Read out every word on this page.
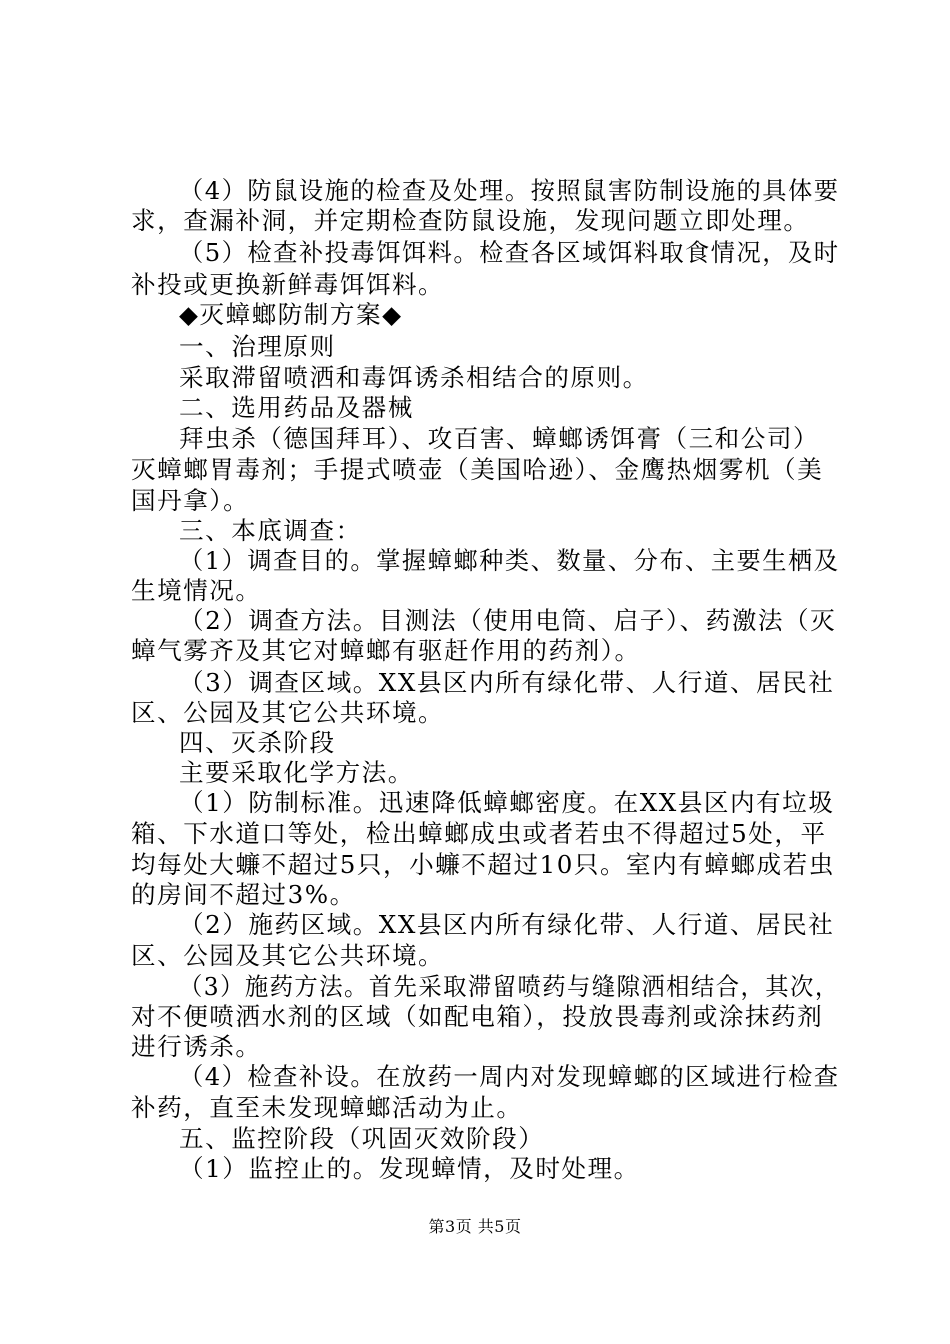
（4）防鼠设施的检查及处理。按照鼠害防制设施的具体要
求，查漏补洞，并定期检查防鼠设施，发现问题立即处理。
（5）检查补投毒饵饵料。检查各区域饵料取食情况，及时
补投或更换新鲜毒饵饵料。
◆灭蟑螂防制方案◆
一、治理原则
采取滞留喷洒和毒饵诱杀相结合的原则。
二、选用药品及器械
拜虫杀（德国拜耳）、攻百害、蟑螂诱饵膏（三和公司）
灭蟑螂胃毒剂；手提式喷壶（美国哈逊）、金鹰热烟雾机（美
国丹拿）。
三、本底调查：
（1）调查目的。掌握蟑螂种类、数量、分布、主要生栖及
生境情况。
（2）调查方法。目测法（使用电筒、启子）、药激法（灭
蟑气雾齐及其它对蟑螂有驱赶作用的药剂）。
（3）调查区域。XX县区内所有绿化带、人行道、居民社
区、公园及其它公共环境。
四、灭杀阶段
主要采取化学方法。
（1）防制标准。迅速降低蟑螂密度。在XX县区内有垃圾
箱、下水道口等处，检出蟑螂成虫或者若虫不得超过5处，平
均每处大蠊不超过5只，小蠊不超过10只。室内有蟑螂成若虫
的房间不超过3%。
（2）施药区域。XX县区内所有绿化带、人行道、居民社
区、公园及其它公共环境。
（3）施药方法。首先采取滞留喷药与缝隙洒相结合，其次，
对不便喷洒水剂的区域（如配电箱），投放畏毒剂或涂抹药剂
进行诱杀。
（4）检查补设。在放药一周内对发现蟑螂的区域进行检查
补药，直至未发现蟑螂活动为止。
五、监控阶段（巩固灭效阶段）
（1）监控止的。发现蟑情，及时处理。
第3页 共5页
